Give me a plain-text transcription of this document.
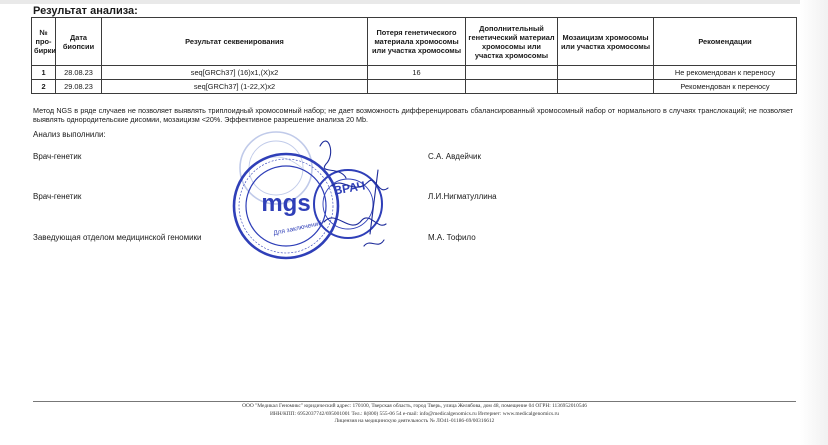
Результат анализа:
№ про-бирки	Дата биопсии	Результат секвенирования	Потеря генетического материала хромосомы или участка хромосомы	Дополнительный генетический материал хромосомы или участка хромосомы	Мозаицизм хромосомы или участка хромосомы	Рекомендации
1	28.08.23	seq[GRCh37] (16)x1,(X)x2	16			Не рекомендован к переносу
2	29.08.23	seq[GRCh37] (1-22,X)x2				Рекомендован к переносу
Метод NGS в ряде случаев не позволяет выявлять триплоидный хромосомный набор; не дает возможность дифференцировать сбалансированный хромосомный набор от нормального в случаях транслокаций; не позволяет выявлять однородительские дисомии, мозаицизм <20%. Эффективное разрешение анализа 20 Mb.
Анализ выполнили:
Врач-генетик	С.А. Авдейчик
Врач-генетик	Л.И.Нигматуллина
Заведующая отделом медицинской геномики	М.А. Тофило
mgs
Для заключений
ВРАЧ
ООО "Медикал Геномикс" юридический адрес: 170100, Тверская область, город Тверь, улица Желябова, дом 48, помещение 04 ОГРН: 1136952010546
ИНН/КПП: 6952037742/695001001 Тел.: 8(800) 555-06 54 e-mail: info@medicalgenomics.ru Интернет: www.medicalgenomics.ru
Лицензия на медицинскую деятельность № ЛО41-01186-69/00316612
